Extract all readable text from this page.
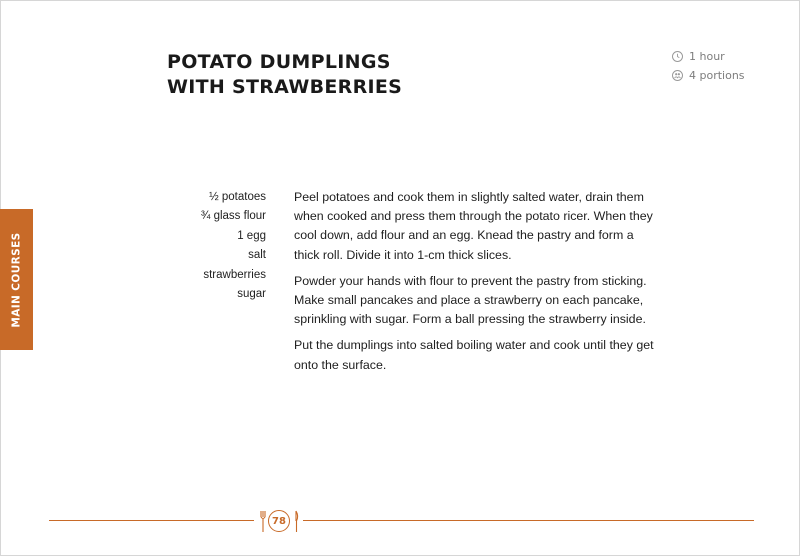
POTATO DUMPLINGS
WITH STRAWBERRIES
1 hour
4 portions
MAIN COURSES
½ potatoes
¾ glass flour
1 egg
salt
strawberries
sugar

Peel potatoes and cook them in slightly salted water, drain them when cooked and press them through the potato ricer. When they cool down, add flour and an egg. Knead the pastry and form a thick roll. Divide it into 1-cm thick slices.

Powder your hands with flour to prevent the pastry from sticking. Make small pancakes and place a strawberry on each pancake, sprinkling with sugar. Form a ball pressing the strawberry inside.

Put the dumplings into salted boiling water and cook until they get onto the surface.

78
